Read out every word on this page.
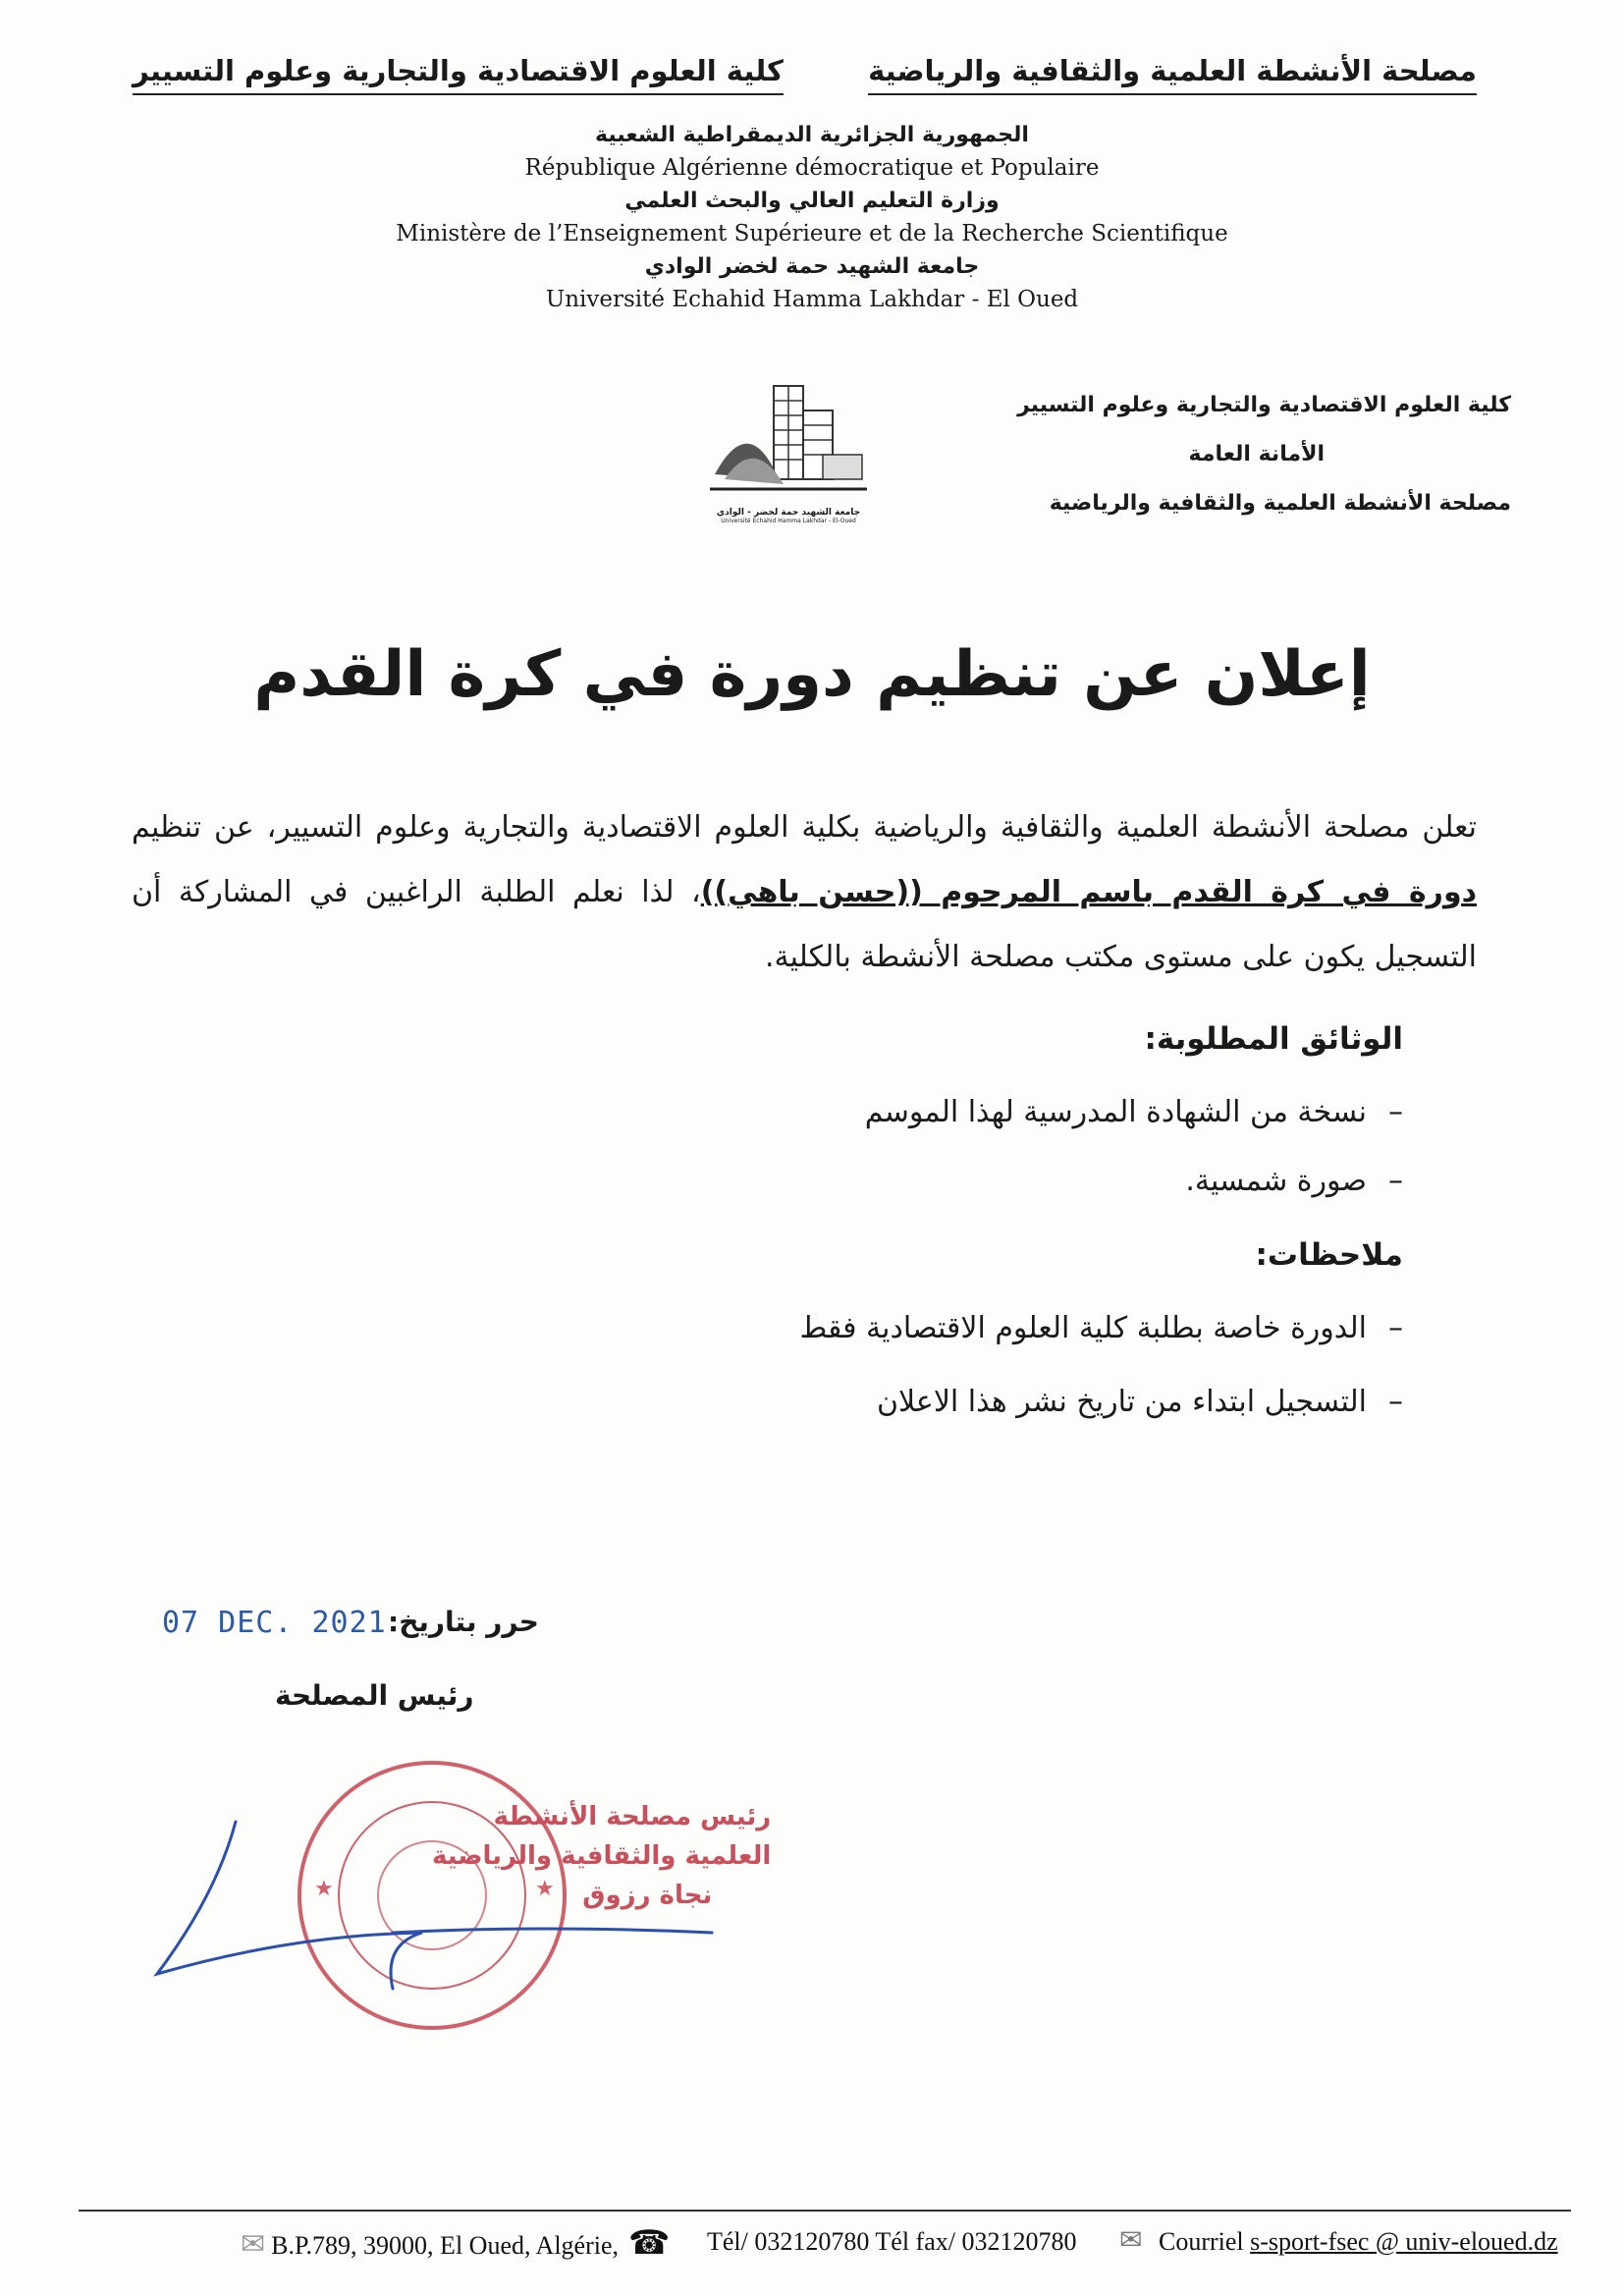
مصلحة الأنشطة العلمية والثقافية والرياضية
كلية العلوم الاقتصادية والتجارية وعلوم التسيير

الجمهورية الجزائرية الديمقراطية الشعبية

République Algérienne démocratique et Populaire

وزارة التعليم العالي والبحث العلمي

Ministère de l’Enseignement Supérieure et de la Recherche Scientifique

جامعة الشهيد حمة لخضر الوادي

Université Echahid Hamma Lakhdar - El Oued

كلية العلوم الاقتصادية والتجارية وعلوم التسيير
الأمانة العامة
مصلحة الأنشطة العلمية والثقافية والرياضية
جامعة الشهيد حمة لخضر - الوادي
Université Echahid Hamma Lakhdar - El-Oued
إعلان عن تنظيم دورة في كرة القدم
تعلن مصلحة الأنشطة العلمية والثقافية والرياضية بكلية العلوم الاقتصادية والتجارية وعلوم التسيير، عن تنظيم دورة في كرة القدم باسم المرحوم ((حسن باهي))، لذا نعلم الطلبة الراغبين في المشاركة أن التسجيل يكون على مستوى مكتب مصلحة الأنشطة بالكلية.
الوثائق المطلوبة:
–نسخة من الشهادة المدرسية لهذا الموسم
–صورة شمسية.
ملاحظات:
–الدورة خاصة بطلبة كلية العلوم الاقتصادية فقط
–التسجيل ابتداء من تاريخ نشر هذا الاعلان
حرر بتاريخ:
07 DEC. 2021
رئيس المصلحة
★	★
رئيس مصلحة الأنشطة
العلمية والثقافية والرياضية
نجاة رزوق
✉ B.P.789, 39000, El Oued, Algérie, ☎ Tél/ 032120780 Tél fax/ 032120780 ✉ Courriel s-sport-fsec @ univ-eloued.dz
